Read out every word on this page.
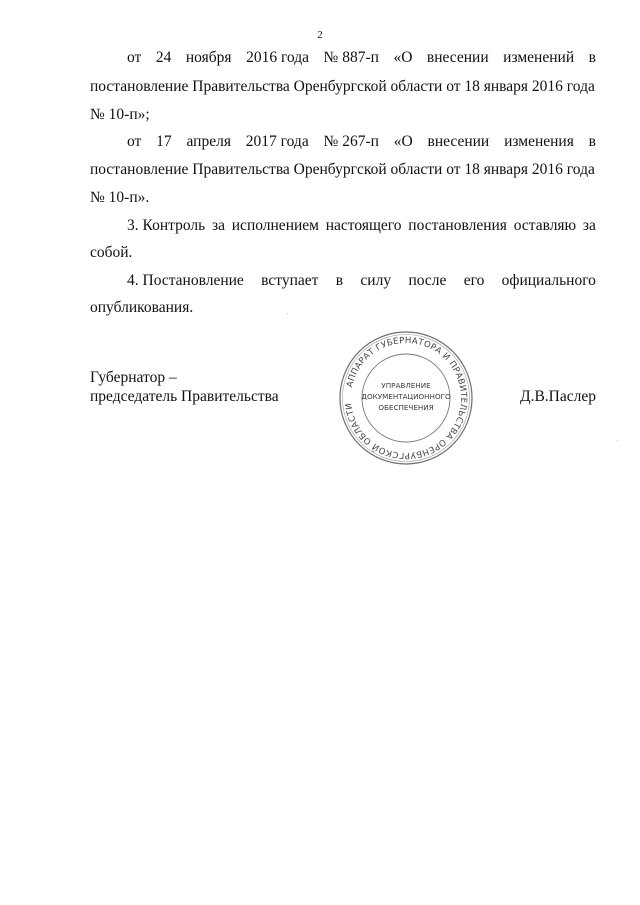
2
от 24 ноября 2016 года № 887-п «О внесении изменений в
постановление Правительства Оренбургской области от 18 января 2016 года
№ 10-п»;
от 17 апреля 2017 года № 267-п «О внесении изменения в
постановление Правительства Оренбургской области от 18 января 2016 года
№ 10-п».
3. Контроль за исполнением настоящего постановления оставляю за
собой.
4. Постановление вступает в силу после его официального
опубликования.
Губернатор –
председатель Правительства	Д.В.Паслер
АППАРАТ ГУБЕРНАТОРА И ПРАВИТЕЛЬСТВА ОРЕНБУРГСКОЙ ОБЛАСТИ
УПРАВЛЕНИЕ
ДОКУМЕНТАЦИОННОГО
ОБЕСПЕЧЕНИЯ
